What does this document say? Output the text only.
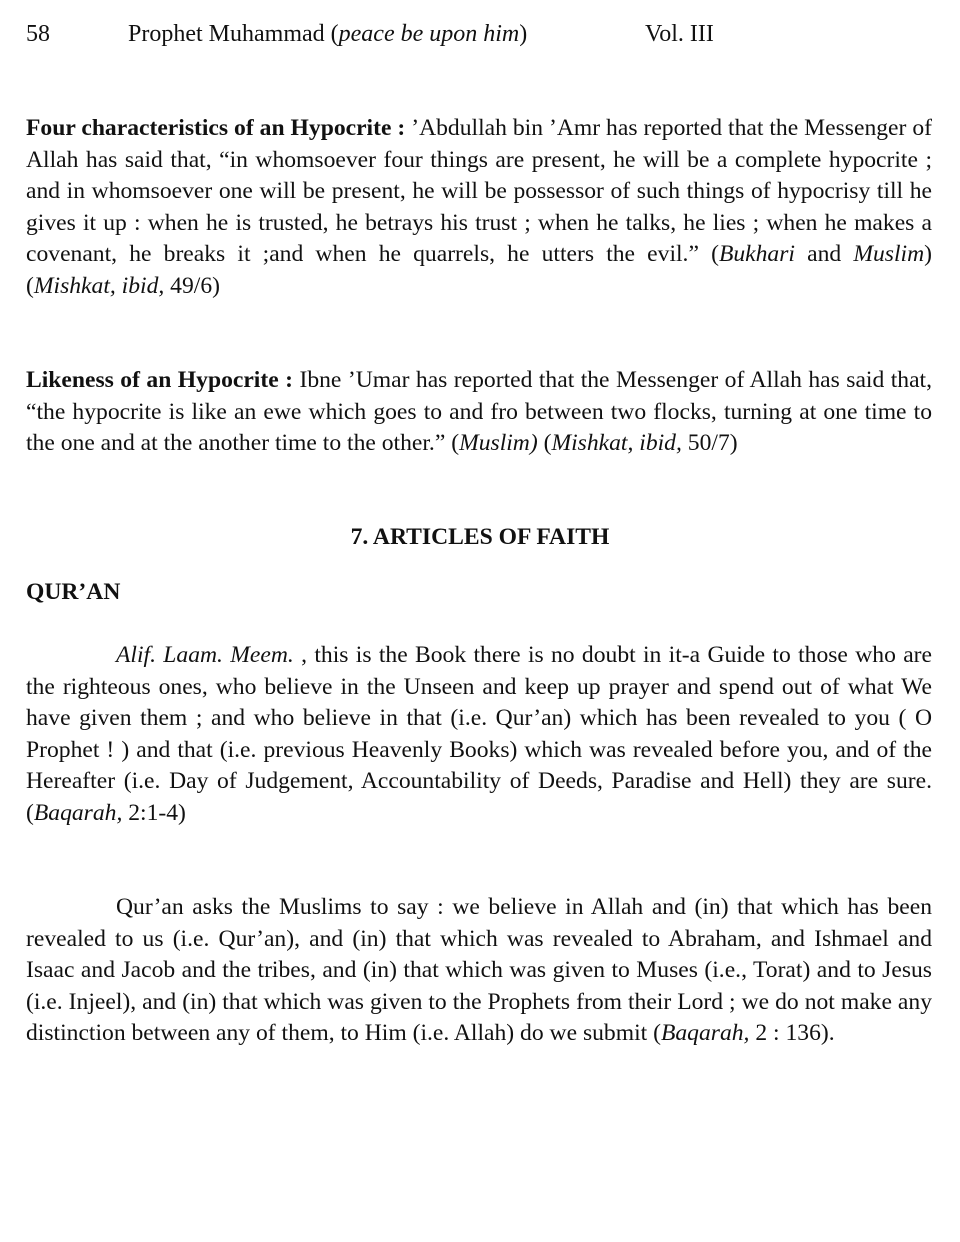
58	Prophet Muhammad (peace be upon him)	Vol. III
Four characteristics of an Hypocrite : ’Abdullah bin ’Amr has reported that the Messenger of Allah has said that, “in whomsoever four things are present, he will be a complete hypocrite ; and in whomsoever one will be present, he will be possessor of such things of hypocrisy till he gives it up : when he is trusted, he betrays his trust ; when he talks, he lies ; when he makes a covenant, he breaks it ;and when he quarrels, he utters the evil.” (Bukhari and Muslim) (Mishkat, ibid, 49/6)
Likeness of an Hypocrite : Ibne ’Umar has reported that the Messenger of Allah has said that, “the hypocrite is like an ewe which goes to and fro between two flocks, turning at one time to the one and at the another time to the other.” (Muslim) (Mishkat, ibid, 50/7)
7. ARTICLES OF FAITH
QUR’AN
Alif. Laam. Meem. , this is the Book there is no doubt in it-a Guide to those who are the righteous ones, who believe in the Unseen and keep up prayer and spend out of what We have given them ; and who believe in that (i.e. Qur’an) which has been revealed to you ( O Prophet ! ) and that (i.e. previous Heavenly Books) which was revealed before you, and of the Hereafter (i.e. Day of Judgement, Accountability of Deeds, Paradise and Hell) they are sure. (Baqarah, 2:1-4)
Qur’an asks the Muslims to say : we believe in Allah and (in) that which has been revealed to us (i.e. Qur’an), and (in) that which was revealed to Abraham, and Ishmael and Isaac and Jacob and the tribes, and (in) that which was given to Muses (i.e., Torat) and to Jesus (i.e. Injeel), and (in) that which was given to the Prophets from their Lord ; we do not make any distinction between any of them, to Him (i.e. Allah) do we submit (Baqarah, 2 : 136).
